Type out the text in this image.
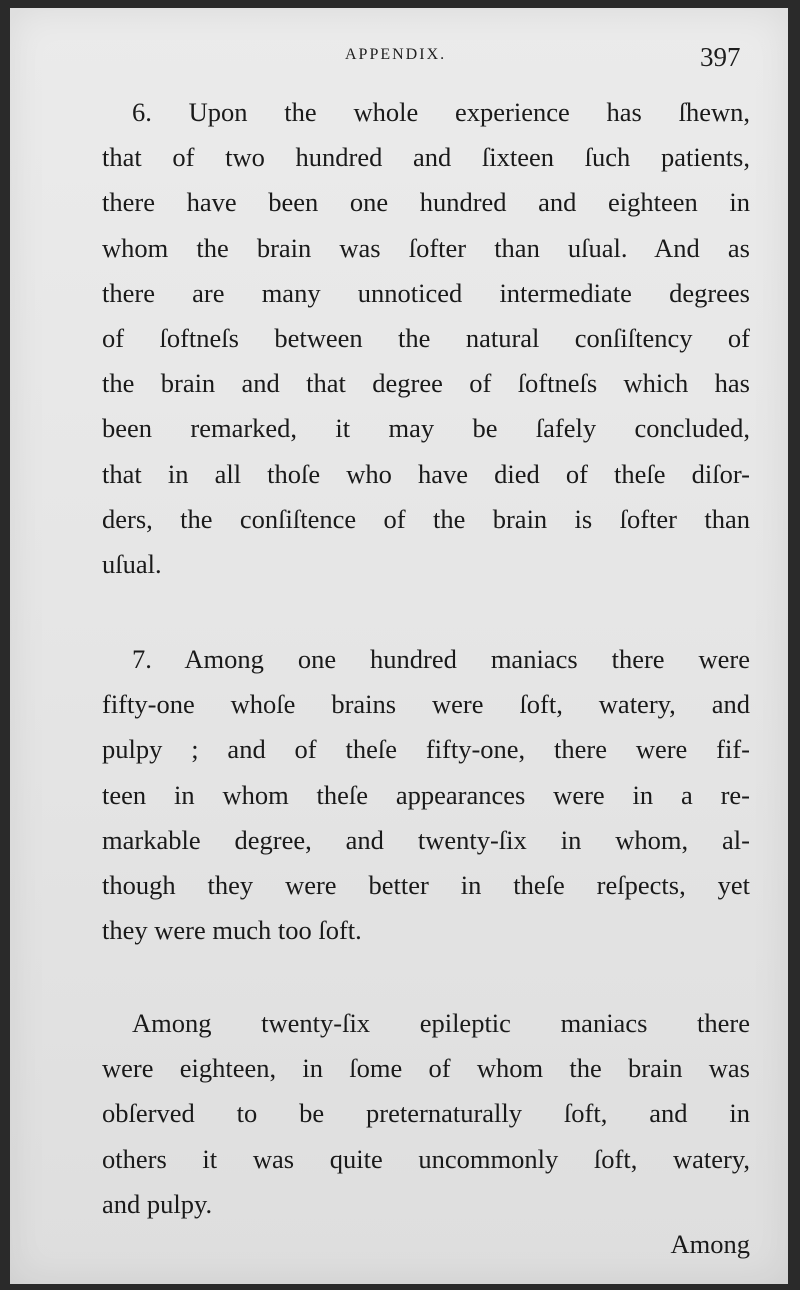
APPENDIX.	397
6. Upon the whole experience has ſhewn,
that of two hundred and ſixteen ſuch patients,
there have been one hundred and eighteen in
whom the brain was ſofter than uſual. And as
there are many unnoticed intermediate degrees
of ſoftneſs between the natural conſiſtency of
the brain and that degree of ſoftneſs which has
been remarked, it may be ſafely concluded,
that in all thoſe who have died of theſe diſor-
ders, the conſiſtence of the brain is ſofter than
uſual.
7. Among one hundred maniacs there were
fifty-one whoſe brains were ſoft, watery, and
pulpy ; and of theſe fifty-one, there were fif-
teen in whom theſe appearances were in a re-
markable degree, and twenty-ſix in whom, al-
though they were better in theſe reſpects, yet
they were much too ſoft.
Among twenty-ſix epileptic maniacs there
were eighteen, in ſome of whom the brain was
obſerved to be preternaturally ſoft, and in
others it was quite uncommonly ſoft, watery,
and pulpy.
Among
